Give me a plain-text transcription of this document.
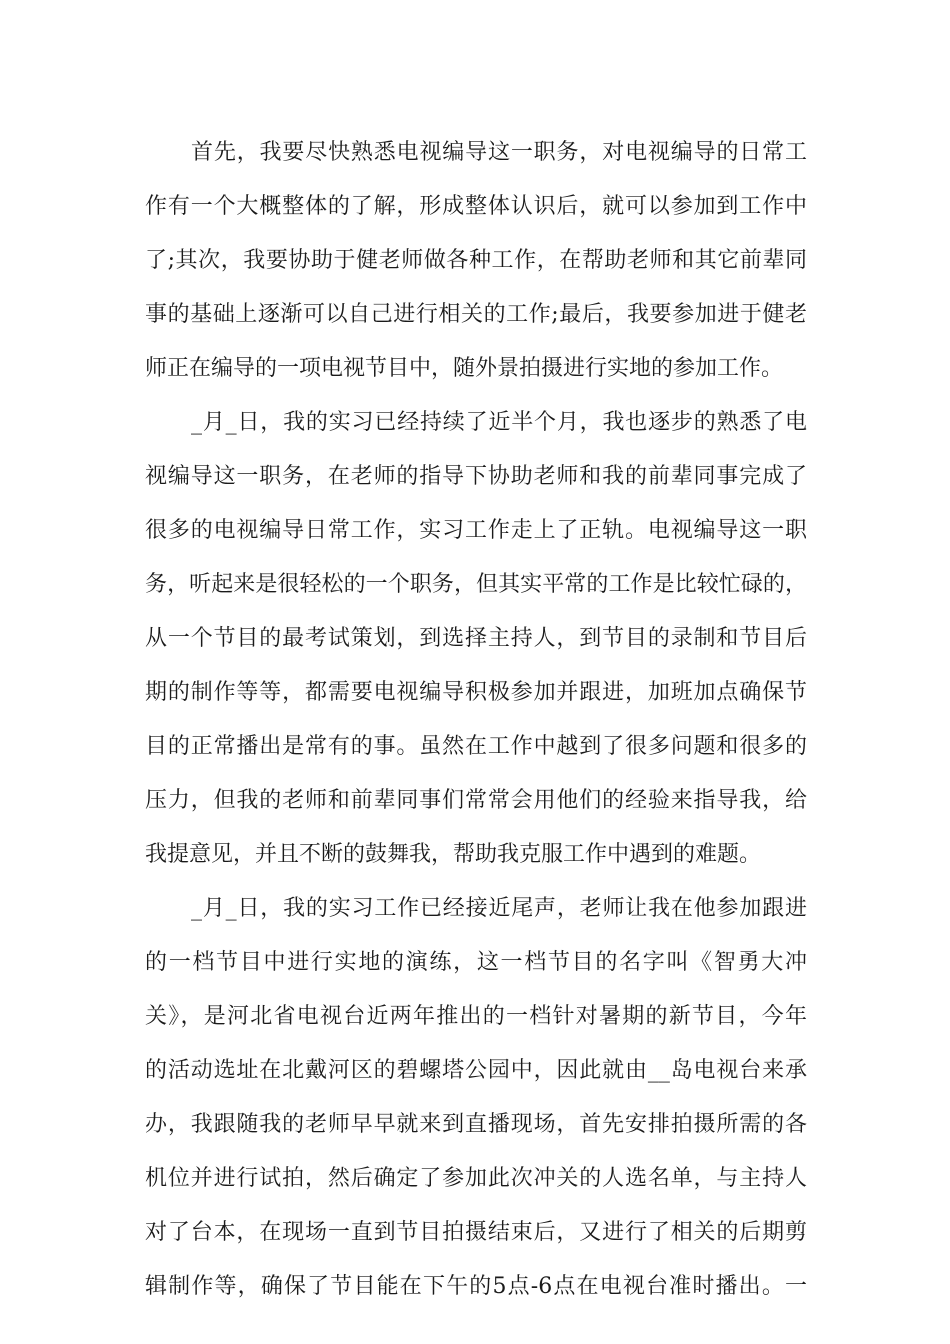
首先，我要尽快熟悉电视编导这一职务，对电视编导的日常工
作有一个大概整体的了解，形成整体认识后，就可以参加到工作中
了;其次，我要协助于健老师做各种工作，在帮助老师和其它前辈同
事的基础上逐渐可以自己进行相关的工作;最后，我要参加进于健老
师正在编导的一项电视节目中，随外景拍摄进行实地的参加工作。
_月_日，我的实习已经持续了近半个月，我也逐步的熟悉了电
视编导这一职务，在老师的指导下协助老师和我的前辈同事完成了
很多的电视编导日常工作，实习工作走上了正轨。电视编导这一职
务，听起来是很轻松的一个职务，但其实平常的工作是比较忙碌的，
从一个节目的最考试策划，到选择主持人，到节目的录制和节目后
期的制作等等，都需要电视编导积极参加并跟进，加班加点确保节
目的正常播出是常有的事。虽然在工作中越到了很多问题和很多的
压力，但我的老师和前辈同事们常常会用他们的经验来指导我，给
我提意见，并且不断的鼓舞我，帮助我克服工作中遇到的难题。
_月_日，我的实习工作已经接近尾声，老师让我在他参加跟进
的一档节目中进行实地的演练，这一档节目的名字叫《智勇大冲
关》，是河北省电视台近两年推出的一档针对暑期的新节目，今年
的活动选址在北戴河区的碧螺塔公园中，因此就由__岛电视台来承
办，我跟随我的老师早早就来到直播现场，首先安排拍摄所需的各
机位并进行试拍，然后确定了参加此次冲关的人选名单，与主持人
对了台本，在现场一直到节目拍摄结束后，又进行了相关的后期剪
辑制作等，确保了节目能在下午的5点-6点在电视台准时播出。一
